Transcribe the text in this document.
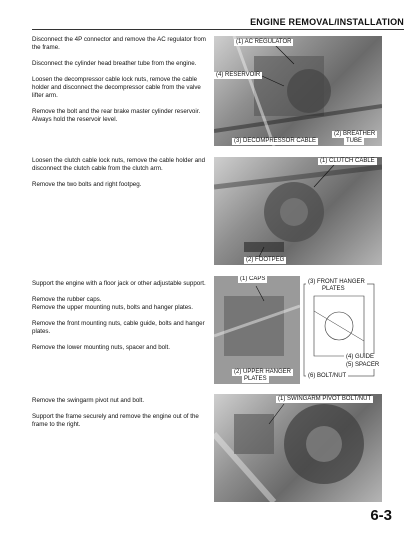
ENGINE REMOVAL/INSTALLATION

Disconnect the 4P connector and remove the AC regulator from the frame.

Disconnect the cylinder head breather tube from the engine.

Loosen the decompressor cable lock nuts, remove the cable holder and disconnect the decompressor cable from the valve lifter arm.

Remove the bolt and the rear brake master cylinder reservoir. Always hold the reservoir level.

(1) AC REGULATOR
(4) RESERVOIR
(3) DECOMPRESSOR CABLE
(2) BREATHER
TUBE

Loosen the clutch cable lock nuts, remove the cable holder and disconnect the clutch cable from the clutch arm.

Remove the two bolts and right footpeg.

(1) CLUTCH CABLE
(2) FOOTPEG

Support the engine with a floor jack or other adjustable support.

Remove the rubber caps.

Remove the upper mounting nuts, bolts and hanger plates.

Remove the front mounting nuts, cable guide, bolts and hanger plates.

Remove the lower mounting nuts, spacer and bolt.

(1) CAPS	(3) FRONT HANGER
PLATES
(4) GUIDE
(5) SPACER
(2) UPPER HANGER
PLATES	(6) BOLT/NUT

Remove the swingarm pivot nut and bolt.

Support the frame securely and remove the engine out of the frame to the right.

(1) SWINGARM PIVOT BOLT/NUT
6-3
